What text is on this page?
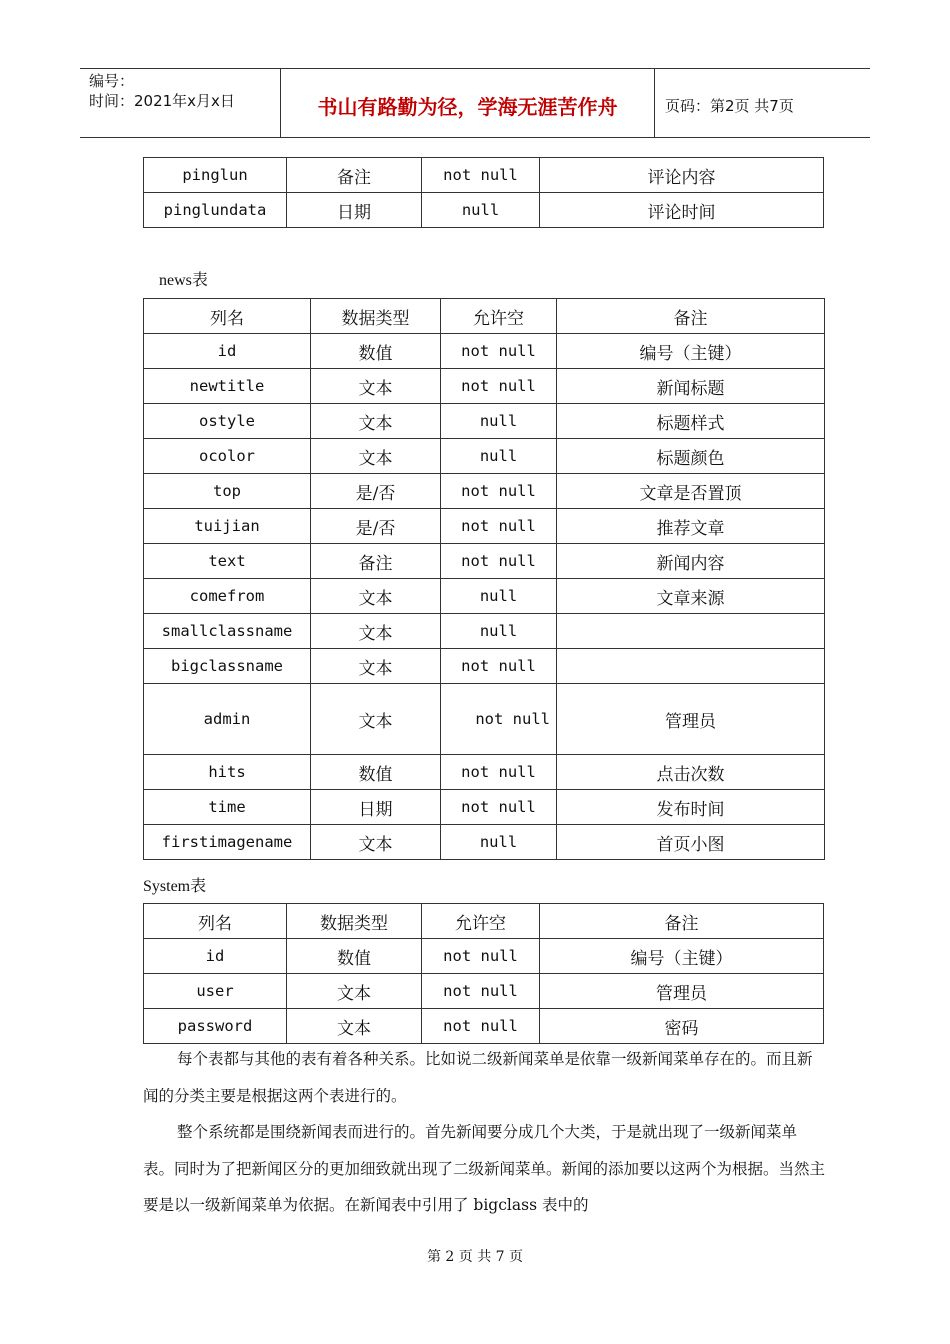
编号：
时间：2021年x月x日	书山有路勤为径，学海无涯苦作舟	页码：第2页 共7页
pinglun	备注	not null	评论内容
pinglundata	日期	null	评论时间
news表
列名	数据类型	允许空	备注
id	数值	not null	编号（主键）
newtitle	文本	not null	新闻标题
ostyle	文本	null	标题样式
ocolor	文本	null	标题颜色
top	是/否	not null	文章是否置顶
tuijian	是/否	not null	推荐文章
text	备注	not null	新闻内容
comefrom	文本	null	文章来源
smallclassname	文本	null	
bigclassname	文本	not null	
admin	文本	not null	管理员
hits	数值	not null	点击次数
time	日期	not null	发布时间
firstimagename	文本	null	首页小图
System表
列名	数据类型	允许空	备注
id	数值	not null	编号（主键）
user	文本	not null	管理员
password	文本	not null	密码

每个表都与其他的表有着各种关系。比如说二级新闻菜单是依靠一级新闻菜单存在的。而且新闻的分类主要是根据这两个表进行的。

整个系统都是围绕新闻表而进行的。首先新闻要分成几个大类，于是就出现了一级新闻菜单表。同时为了把新闻区分的更加细致就出现了二级新闻菜单。新闻的添加要以这两个为根据。当然主要是以一级新闻菜单为依据。在新闻表中引用了 bigclass 表中的

第 2 页 共 7 页
